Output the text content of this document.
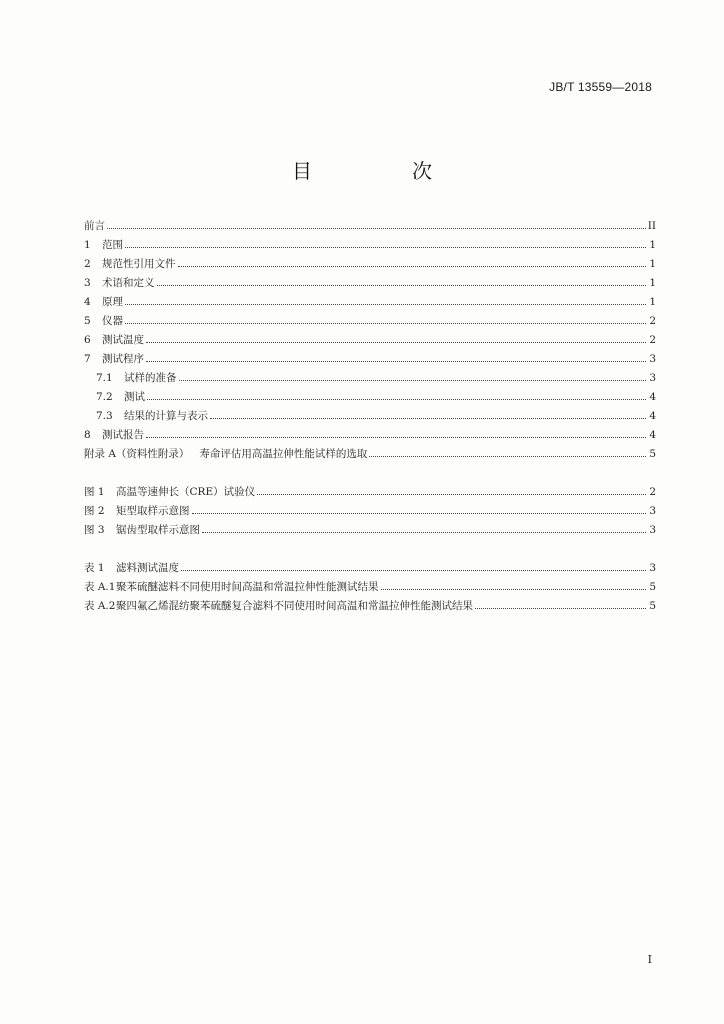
JB/T 13559—2018
目　次
前言	II
1	范围	1
2	规范性引用文件	1
3	术语和定义	1
4	原理	1
5	仪器	2
6	测试温度	2
7	测试程序	3
7.1	试样的准备	3
7.2	测试	4
7.3	结果的计算与表示	4
8	测试报告	4
附录 A（资料性附录） 寿命评估用高温拉伸性能试样的选取	5
图 1	高温等速伸长（CRE）试验仪	2
图 2	矩型取样示意图	3
图 3	锯齿型取样示意图	3
表 1	滤料测试温度	3
表 A.1 聚苯硫醚滤料不同使用时间高温和常温拉伸性能测试结果	5
表 A.2 聚四氟乙烯混纺聚苯硫醚复合滤料不同使用时间高温和常温拉伸性能测试结果	5
I
